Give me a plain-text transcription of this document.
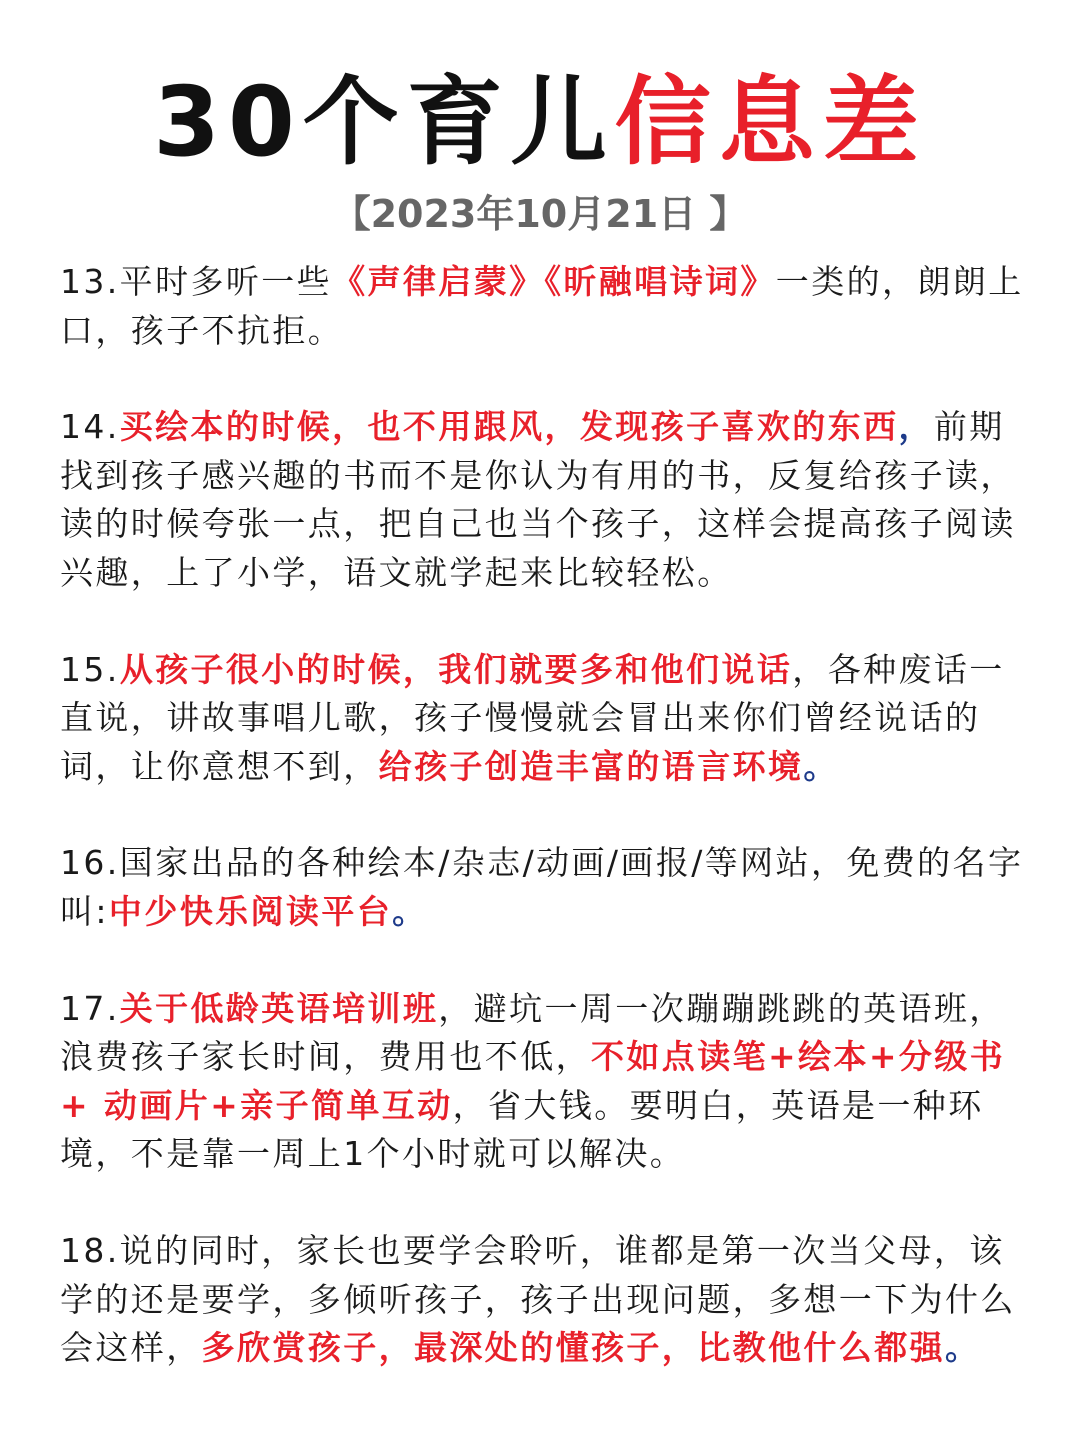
30个育儿信息差
【2023年10月21日 】

13.平时多听一些《声律启蒙》《昕融唱诗词》一类的，朗朗上口，孩子不抗拒。

14.买绘本的时候，也不用跟风，发现孩子喜欢的东西，前期找到孩子感兴趣的书而不是你认为有用的书，反复给孩子读，读的时候夸张一点，把自己也当个孩子，这样会提高孩子阅读兴趣，上了小学，语文就学起来比较轻松。

15.从孩子很小的时候，我们就要多和他们说话，各种废话一直说，讲故事唱儿歌，孩子慢慢就会冒出来你们曾经说话的词，让你意想不到，给孩子创造丰富的语言环境。

16.国家出品的各种绘本/杂志/动画/画报/等网站，免费的名字叫:中少快乐阅读平台。

17.关于低龄英语培训班，避坑一周一次蹦蹦跳跳的英语班，浪费孩子家长时间，费用也不低，不如点读笔+绘本+分级书+ 动画片+亲子简单互动，省大钱。要明白，英语是一种环境，不是靠一周上1个小时就可以解决。

18.说的同时，家长也要学会聆听，谁都是第一次当父母，该学的还是要学，多倾听孩子，孩子出现问题，多想一下为什么会这样，多欣赏孩子，最深处的懂孩子，比教他什么都强。
